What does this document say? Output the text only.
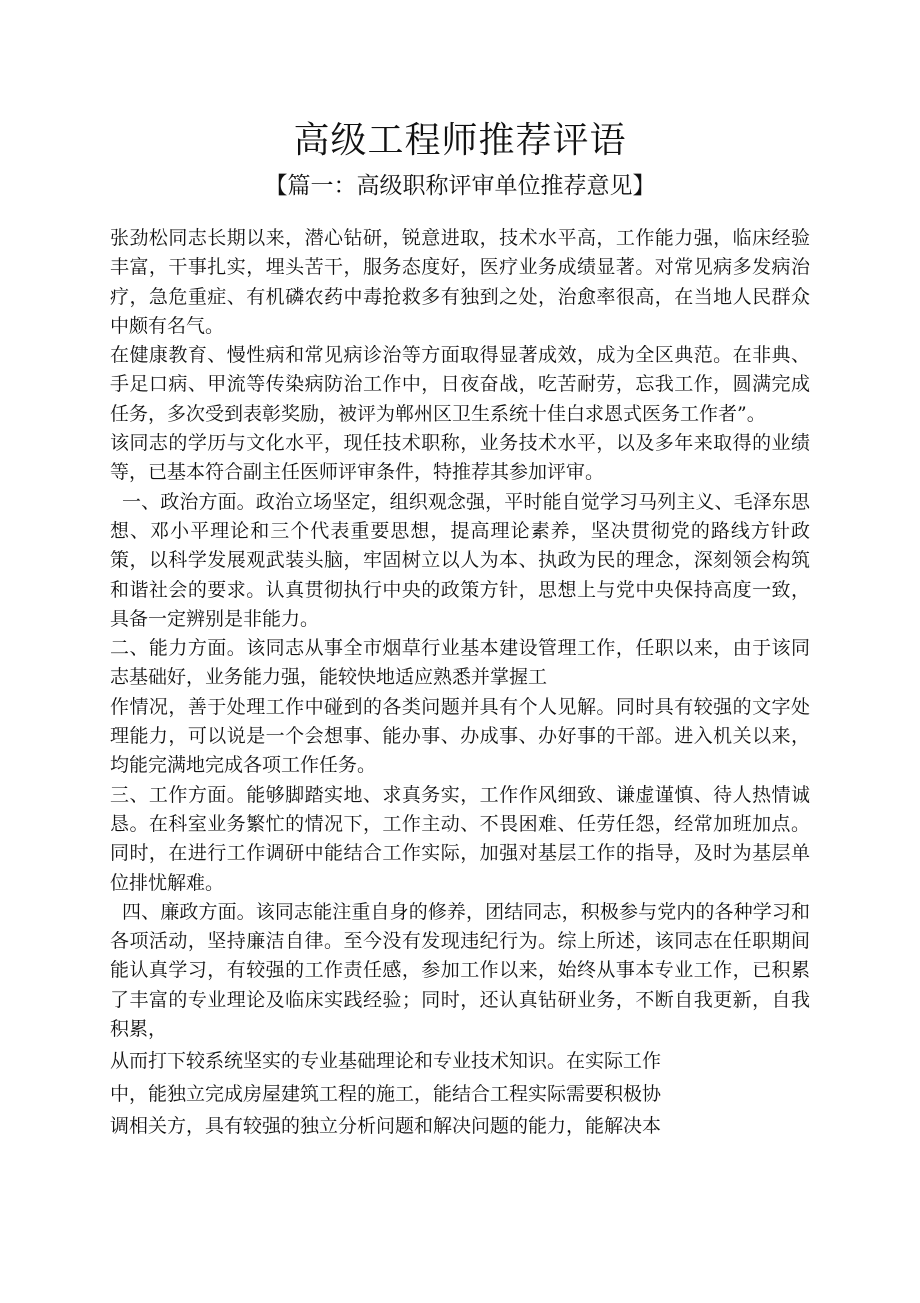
高级工程师推荐评语
【篇一：高级职称评审单位推荐意见】

张劲松同志长期以来，潜心钻研，锐意进取，技术水平高，工作能力强，临床经验丰富，干事扎实，埋头苦干，服务态度好，医疗业务成绩显著。对常见病多发病治疗，急危重症、有机磷农药中毒抢救多有独到之处，治愈率很高，在当地人民群众中颇有名气。

在健康教育、慢性病和常见病诊治等方面取得显著成效，成为全区典范。在非典、手足口病、甲流等传染病防治工作中，日夜奋战，吃苦耐劳，忘我工作，圆满完成任务，多次受到表彰奖励，被评为郸州区卫生系统十佳白求恩式医务工作者”。

该同志的学历与文化水平，现任技术职称，业务技术水平，以及多年来取得的业绩等，已基本符合副主任医师评审条件，特推荐其参加评审。

一、政治方面。政治立场坚定，组织观念强，平时能自觉学习马列主义、毛泽东思想、邓小平理论和三个代表重要思想，提高理论素养，坚决贯彻党的路线方针政策，以科学发展观武装头脑，牢固树立以人为本、执政为民的理念，深刻领会构筑和谐社会的要求。认真贯彻执行中央的政策方针，思想上与党中央保持高度一致，具备一定辨别是非能力。

二、能力方面。该同志从事全市烟草行业基本建设管理工作，任职以来，由于该同志基础好，业务能力强，能较快地适应熟悉并掌握工

作情况，善于处理工作中碰到的各类问题并具有个人见解。同时具有较强的文字处理能力，可以说是一个会想事、能办事、办成事、办好事的干部。进入机关以来，均能完满地完成各项工作任务。

三、工作方面。能够脚踏实地、求真务实，工作作风细致、谦虚谨慎、待人热情诚恳。在科室业务繁忙的情况下，工作主动、不畏困难、任劳任怨，经常加班加点。同时，在进行工作调研中能结合工作实际，加强对基层工作的指导，及时为基层单位排忧解难。

四、廉政方面。该同志能注重自身的修养，团结同志，积极参与党内的各种学习和各项活动，坚持廉洁自律。至今没有发现违纪行为。综上所述，该同志在任职期间能认真学习，有较强的工作责任感，参加工作以来，始终从事本专业工作，已积累了丰富的专业理论及临床实践经验；同时，还认真钻研业务，不断自我更新，自我积累，

从而打下较系统坚实的专业基础理论和专业技术知识。在实际工作

中，能独立完成房屋建筑工程的施工，能结合工程实际需要积极协

调相关方，具有较强的独立分析问题和解决问题的能力，能解决本
